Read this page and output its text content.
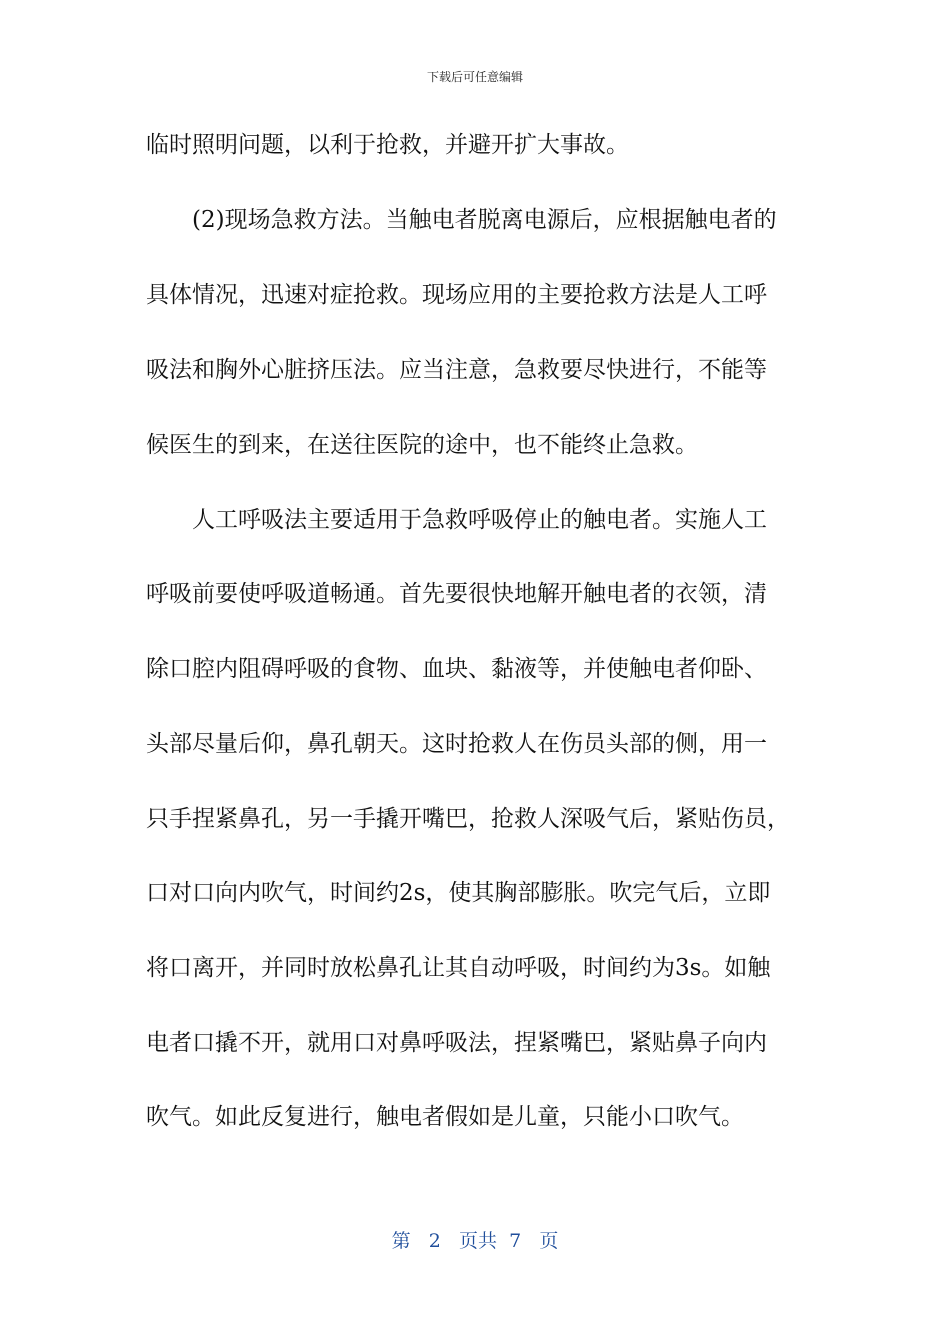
下载后可任意编辑
临时照明问题，以利于抢救，并避开扩大事故。
(2)现场急救方法。当触电者脱离电源后，应根据触电者的
具体情况，迅速对症抢救。现场应用的主要抢救方法是人工呼
吸法和胸外心脏挤压法。应当注意，急救要尽快进行，不能等
候医生的到来，在送往医院的途中，也不能终止急救。
人工呼吸法主要适用于急救呼吸停止的触电者。实施人工
呼吸前要使呼吸道畅通。首先要很快地解开触电者的衣领，清
除口腔内阻碍呼吸的食物、血块、黏液等，并使触电者仰卧、
头部尽量后仰，鼻孔朝天。这时抢救人在伤员头部的侧，用一
只手捏紧鼻孔，另一手撬开嘴巴，抢救人深吸气后，紧贴伤员，
口对口向内吹气，时间约2s，使其胸部膨胀。吹完气后，立即
将口离开，并同时放松鼻孔让其自动呼吸，时间约为3s。如触
电者口撬不开，就用口对鼻呼吸法，捏紧嘴巴，紧贴鼻子向内
吹气。如此反复进行，触电者假如是儿童，只能小口吹气。
第 2 页共 7 页
